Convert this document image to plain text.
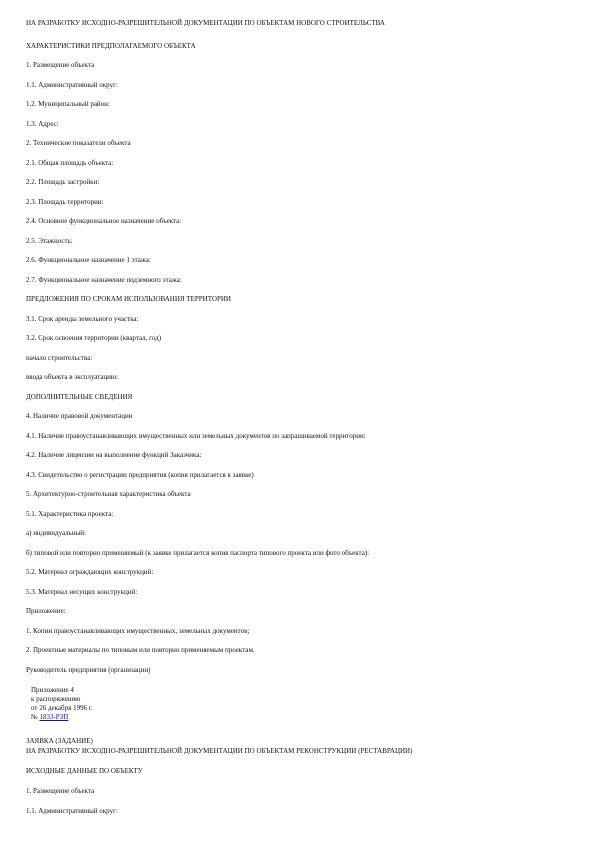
НА РАЗРАБОТКУ ИСХОДНО-РАЗРЕШИТЕЛЬНОЙ ДОКУМЕНТАЦИИ ПО ОБЪЕКТАМ НОВОГО СТРОИТЕЛЬСТВА
ХАРАКТЕРИСТИКИ ПРЕДПОЛАГАЕМОГО ОБЪЕКТА
1. Размещение объекта
1.1. Административный округ:
1.2. Муниципальный район:
1.3. Адрес:
2. Технические показатели объекта
2.1. Общая площадь объекта:
2.2. Площадь застройки:
2.3. Площадь территории:
2.4. Основное функциональное назначение объекта:
2.5. Этажность:
2.6. Функциональное назначение 1 этажа:
2.7. Функциональное назначение подземного этажа:
ПРЕДЛОЖЕНИЯ ПО СРОКАМ ИСПОЛЬЗОВАНИЯ ТЕРРИТОРИИ
3.1. Срок аренды земельного участка:
3.2. Срок освоения территории (квартал, год)
начало строительства:
ввода объекта в эксплуатацию:
ДОПОЛНИТЕЛЬНЫЕ СВЕДЕНИЯ
4. Наличие правовой документации
4.1. Наличие правоустанавливающих имущественных или земельных документов по запрашиваемой территории:
4.2. Наличие лицензии на выполнение функций Заказчика:
4.3. Свидетельство о регистрации предприятия (копия прилагается к заявке)
5. Архитектурно-строительная характеристика объекта
5.1. Характеристика проекта:
а) индивидуальный:
б) типовой или повторно применяемый (к заявке прилагается копия паспорта типового проекта или фото объекта):
5.2. Материал ограждающих конструкций:
5.3. Материал несущих конструкций:
Приложение:
1. Копии правоустанавливающих имущественных, земельных документов;
2. Проектные материалы по типовым или повторно применяемым проектам.
Руководитель предприятия (организации)
Приложение 4
к распоряжению
от 26 декабря 1996 г.
№ 1833-РЗП
ЗАЯВКА (ЗАДАНИЕ)
НА РАЗРАБОТКУ ИСХОДНО-РАЗРЕШИТЕЛЬНОЙ ДОКУМЕНТАЦИИ ПО ОБЪЕКТАМ РЕКОНСТРУКЦИИ (РЕСТАВРАЦИИ)
ИСХОДНЫЕ ДАННЫЕ ПО ОБЪЕКТУ
1. Размещение объекта
1.1. Административный округ:
